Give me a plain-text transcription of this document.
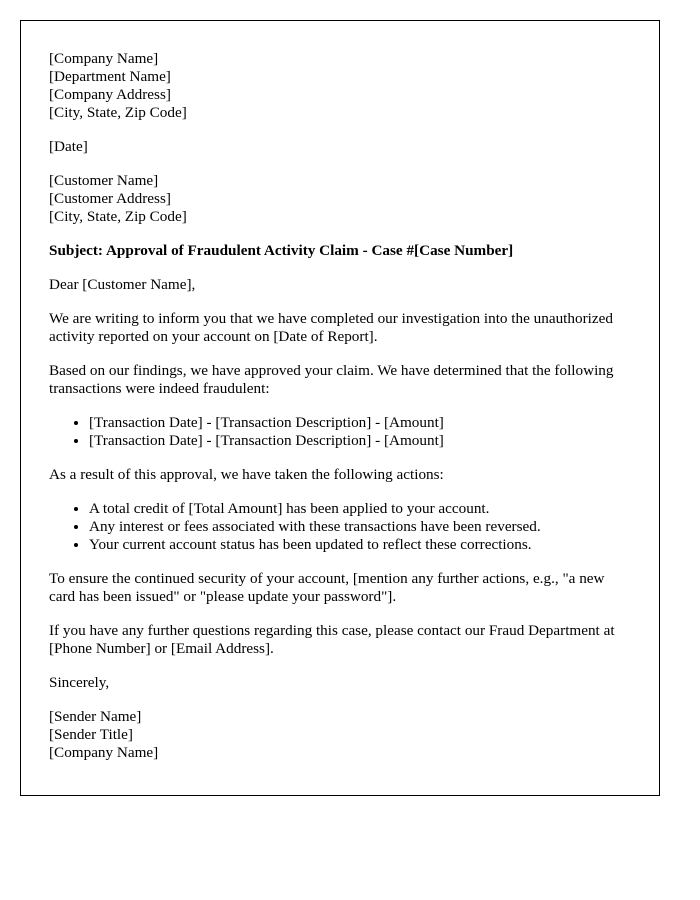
[Company Name]
[Department Name]
[Company Address]
[City, State, Zip Code]
[Date]
[Customer Name]
[Customer Address]
[City, State, Zip Code]

Subject: Approval of Fraudulent Activity Claim - Case #[Case Number]

Dear [Customer Name],

We are writing to inform you that we have completed our investigation into the unauthorized activity reported on your account on [Date of Report].

Based on our findings, we have approved your claim. We have determined that the following transactions were indeed fraudulent:

• [Transaction Date] - [Transaction Description] - [Amount]
• [Transaction Date] - [Transaction Description] - [Amount]

As a result of this approval, we have taken the following actions:

• A total credit of [Total Amount] has been applied to your account.
• Any interest or fees associated with these transactions have been reversed.
• Your current account status has been updated to reflect these corrections.

To ensure the continued security of your account, [mention any further actions, e.g., "a new card has been issued" or "please update your password"].

If you have any further questions regarding this case, please contact our Fraud Department at [Phone Number] or [Email Address].

Sincerely,

[Sender Name]
[Sender Title]
[Company Name]
